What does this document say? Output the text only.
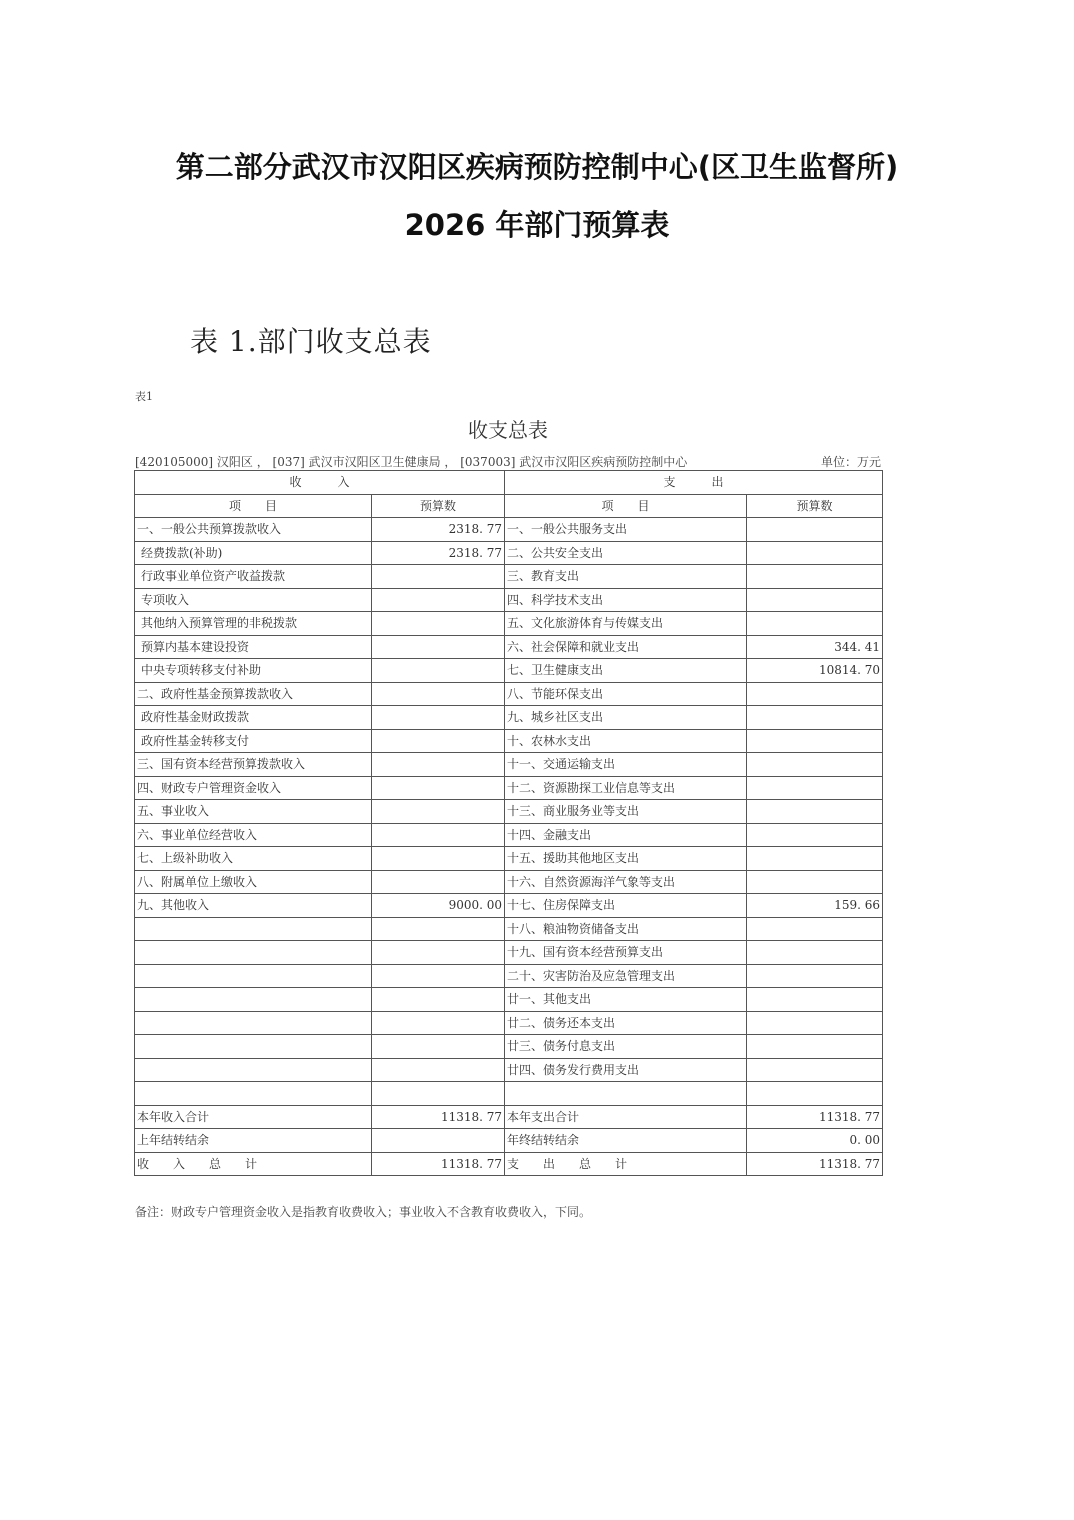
第二部分武汉市汉阳区疾病预防控制中心(区卫生监督所)
2026 年部门预算表
表 1.部门收支总表
表1
收支总表
[420105000] 汉阳区 ， [037] 武汉市汉阳区卫生健康局 ， [037003] 武汉市汉阳区疾病预防控制中心	单位：万元
收　　　入		支　　　出	
项　　目	预算数	项　　目	预算数
一、一般公共预算拨款收入	2318. 77	一、一般公共服务支出	
经费拨款(补助)	2318. 77	二、公共安全支出	
行政事业单位资产收益拨款		三、教育支出	
专项收入		四、科学技术支出	
其他纳入预算管理的非税拨款		五、文化旅游体育与传媒支出	
预算内基本建设投资		六、社会保障和就业支出	344. 41
中央专项转移支付补助		七、卫生健康支出	10814. 70
二、政府性基金预算拨款收入		八、节能环保支出	
政府性基金财政拨款		九、城乡社区支出	
政府性基金转移支付		十、农林水支出	
三、国有资本经营预算拨款收入		十一、交通运输支出	
四、财政专户管理资金收入		十二、资源勘探工业信息等支出	
五、事业收入		十三、商业服务业等支出	
六、事业单位经营收入		十四、金融支出	
七、上级补助收入		十五、援助其他地区支出	
八、附属单位上缴收入		十六、自然资源海洋气象等支出	
九、其他收入	9000. 00	十七、住房保障支出	159. 66
		十八、粮油物资储备支出	
		十九、国有资本经营预算支出	
		二十、灾害防治及应急管理支出	
		廿一、其他支出	
		廿二、债务还本支出	
		廿三、债务付息支出	
		廿四、债务发行费用支出	

本年收入合计	11318. 77	本年支出合计	11318. 77
上年结转结余		年终结转结余	0. 00
收　　入　　总　　计	11318. 77	支　　出　　总　　计	11318. 77
备注：财政专户管理资金收入是指教育收费收入；事业收入不含教育收费收入，下同。
